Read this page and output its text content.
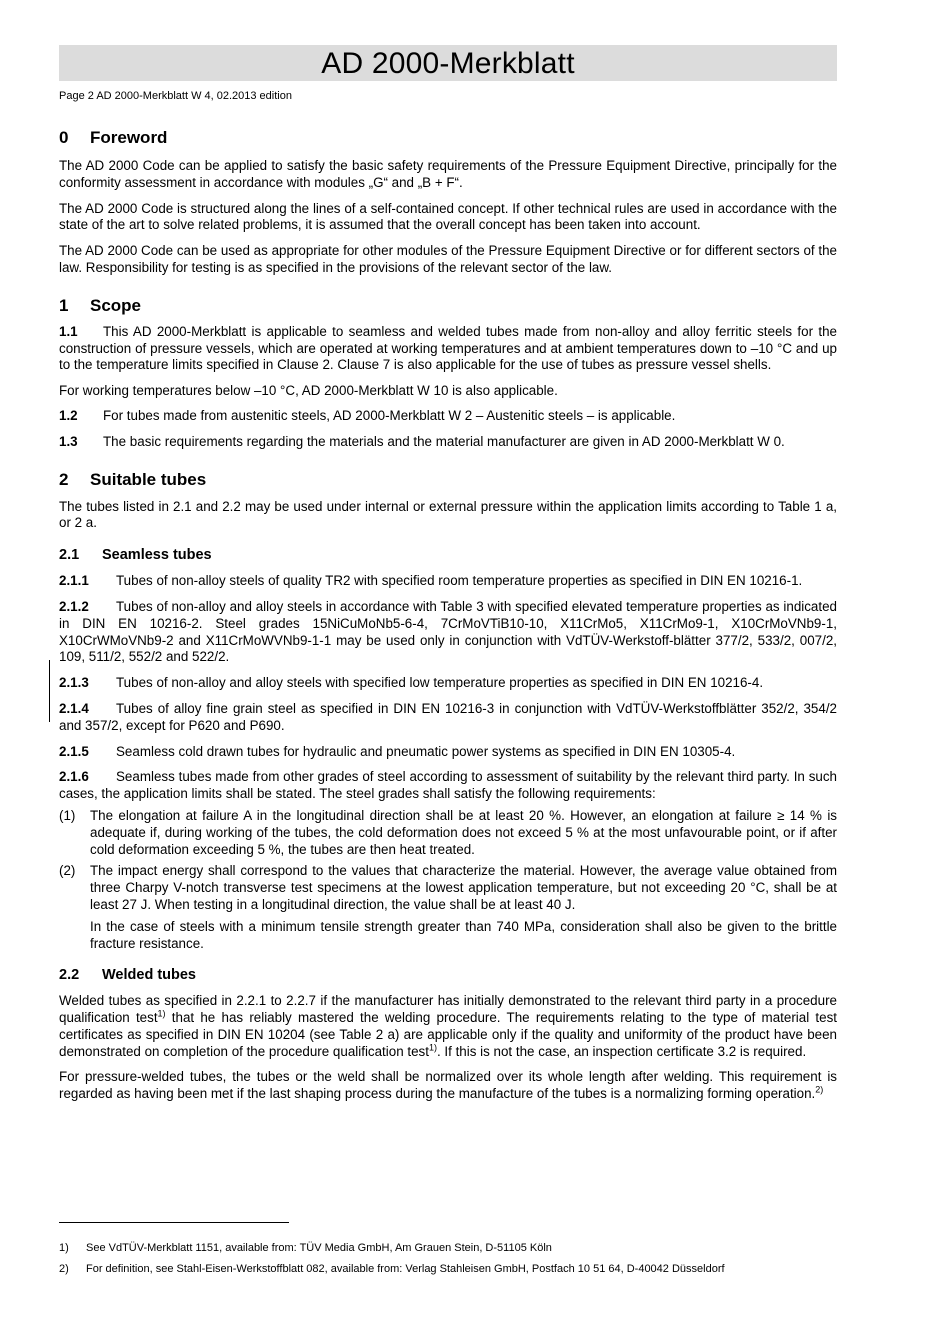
AD 2000-Merkblatt
Page 2 AD 2000-Merkblatt W 4, 02.2013 edition
0 Foreword

The AD 2000 Code can be applied to satisfy the basic safety requirements of the Pressure Equipment Directive, principally for the conformity assessment in accordance with modules „G“ and „B + F“.

The AD 2000 Code is structured along the lines of a self-contained concept. If other technical rules are used in accordance with the state of the art to solve related problems, it is assumed that the overall concept has been taken into account.

The AD 2000 Code can be used as appropriate for other modules of the Pressure Equipment Directive or for different sectors of the law. Responsibility for testing is as specified in the provisions of the relevant sector of the law.

1 Scope

1.1 This AD 2000-Merkblatt is applicable to seamless and welded tubes made from non-alloy and alloy ferritic steels for the construction of pressure vessels, which are operated at working temperatures and at ambient temperatures down to –10 °C and up to the temperature limits specified in Clause 2. Clause 7 is also applicable for the use of tubes as pressure vessel shells.

For working temperatures below –10 °C, AD 2000-Merkblatt W 10 is also applicable.

1.2 For tubes made from austenitic steels, AD 2000-Merkblatt W 2 – Austenitic steels – is applicable.

1.3 The basic requirements regarding the materials and the material manufacturer are given in AD 2000-Merkblatt W 0.

2 Suitable tubes

The tubes listed in 2.1 and 2.2 may be used under internal or external pressure within the application limits according to Table 1 a, or 2 a.

2.1 Seamless tubes

2.1.1 Tubes of non-alloy steels of quality TR2 with specified room temperature properties as specified in DIN EN 10216-1.

2.1.2 Tubes of non-alloy and alloy steels in accordance with Table 3 with specified elevated temperature properties as indicated in DIN EN 10216-2. Steel grades 15NiCuMoNb5-6-4, 7CrMoVTiB10-10, X11CrMo5, X11CrMo9-1, X10CrMoVNb9-1, X10CrWMoVNb9-2 and X11CrMoWVNb9-1-1 may be used only in conjunction with VdTÜV-Werkstoff-blätter 377/2, 533/2, 007/2, 109, 511/2, 552/2 and 522/2.

2.1.3 Tubes of non-alloy and alloy steels with specified low temperature properties as specified in DIN EN 10216-4.

2.1.4 Tubes of alloy fine grain steel as specified in DIN EN 10216-3 in conjunction with VdTÜV-Werkstoffblätter 352/2, 354/2 and 357/2, except for P620 and P690.

2.1.5 Seamless cold drawn tubes for hydraulic and pneumatic power systems as specified in DIN EN 10305-4.

2.1.6 Seamless tubes made from other grades of steel according to assessment of suitability by the relevant third party. In such cases, the application limits shall be stated. The steel grades shall satisfy the following requirements:

(1)	The elongation at failure A in the longitudinal direction shall be at least 20 %. However, an elongation at failure ≥ 14 % is adequate if, during working of the tubes, the cold deformation does not exceed 5 % at the most unfavourable point, or if after cold deformation exceeding 5 %, the tubes are then heat treated.
(2)	The impact energy shall correspond to the values that characterize the material. However, the average value obtained from three Charpy V-notch transverse test specimens at the lowest application temperature, but not exceeding 20 °C, shall be at least 27 J. When testing in a longitudinal direction, the value shall be at least 40 J.

In the case of steels with a minimum tensile strength greater than 740 MPa, consideration shall also be given to the brittle fracture resistance.

2.2 Welded tubes

Welded tubes as specified in 2.2.1 to 2.2.7 if the manufacturer has initially demonstrated to the relevant third party in a procedure qualification test$^{1)}$ that he has reliably mastered the welding procedure. The requirements relating to the type of material test certificates as specified in DIN EN 10204 (see Table 2 a) are applicable only if the quality and uniformity of the product have been demonstrated on completion of the procedure qualification test$^{1)}$. If this is not the case, an inspection certificate 3.2 is required.

For pressure-welded tubes, the tubes or the weld shall be normalized over its whole length after welding. This requirement is regarded as having been met if the last shaping process during the manufacture of the tubes is a normalizing forming operation.$^{2)}$

1)	See VdTÜV-Merkblatt 1151, available from: TÜV Media GmbH, Am Grauen Stein, D-51105 Köln
2)	For definition, see Stahl-Eisen-Werkstoffblatt 082, available from: Verlag Stahleisen GmbH, Postfach 10 51 64, D-40042 Düsseldorf
